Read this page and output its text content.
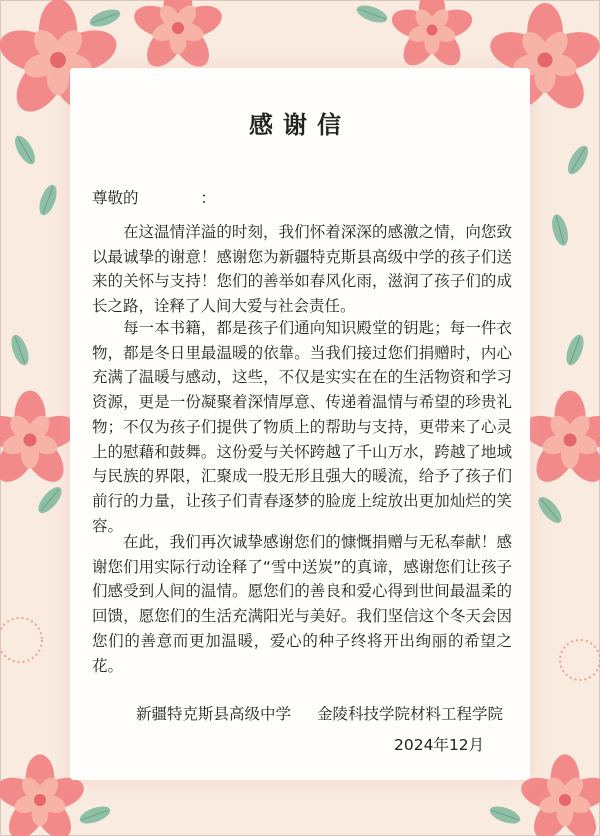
感谢信
尊敬的	：

在这温情洋溢的时刻，我们怀着深深的感激之情，向您致以最诚挚的谢意！感谢您为新疆特克斯县高级中学的孩子们送来的关怀与支持！您们的善举如春风化雨，滋润了孩子们的成长之路，诠释了人间大爱与社会责任。

每一本书籍，都是孩子们通向知识殿堂的钥匙；每一件衣物，都是冬日里最温暖的依靠。当我们接过您们捐赠时，内心充满了温暖与感动，这些，不仅是实实在在的生活物资和学习资源，更是一份凝聚着深情厚意、传递着温情与希望的珍贵礼物；不仅为孩子们提供了物质上的帮助与支持，更带来了心灵上的慰藉和鼓舞。这份爱与关怀跨越了千山万水，跨越了地域与民族的界限，汇聚成一股无形且强大的暖流，给予了孩子们前行的力量，让孩子们青春逐梦的脸庞上绽放出更加灿烂的笑容。

在此，我们再次诚挚感谢您们的慷慨捐赠与无私奉献！感谢您们用实际行动诠释了“雪中送炭”的真谛，感谢您们让孩子们感受到人间的温情。愿您们的善良和爱心得到世间最温柔的回馈，愿您们的生活充满阳光与美好。我们坚信这个冬天会因您们的善意而更加温暖，爱心的种子终将开出绚丽的希望之花。

新疆特克斯县高级中学 金陵科技学院材料工程学院
2024年12月
